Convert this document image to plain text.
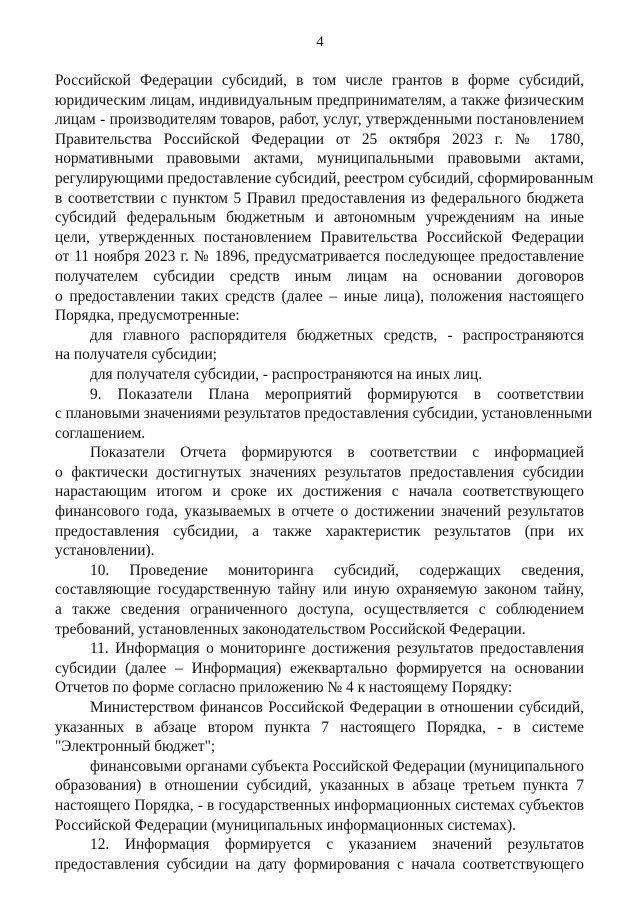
4
Российской Федерации субсидий, в том числе грантов в форме субсидий,
юридическим лицам, индивидуальным предпринимателям, а также физическим
лицам - производителям товаров, работ, услуг, утвержденными постановлением
Правительства Российской Федерации от 25 октября 2023 г. № 1780,
нормативными правовыми актами, муниципальными правовыми актами,
регулирующими предоставление субсидий, реестром субсидий, сформированным
в соответствии с пунктом 5 Правил предоставления из федерального бюджета
субсидий федеральным бюджетным и автономным учреждениям на иные
цели, утвержденных постановлением Правительства Российской Федерации
от 11 ноября 2023 г. № 1896, предусматривается последующее предоставление
получателем субсидии средств иным лицам на основании договоров
о предоставлении таких средств (далее – иные лица), положения настоящего
Порядка, предусмотренные:
для главного распорядителя бюджетных средств, - распространяются
на получателя субсидии;
для получателя субсидии, - распространяются на иных лиц.
9. Показатели Плана мероприятий формируются в соответствии
с плановыми значениями результатов предоставления субсидии, установленными
соглашением.
Показатели Отчета формируются в соответствии с информацией
о фактически достигнутых значениях результатов предоставления субсидии
нарастающим итогом и сроке их достижения с начала соответствующего
финансового года, указываемых в отчете о достижении значений результатов
предоставления субсидии, а также характеристик результатов (при их
установлении).
10. Проведение мониторинга субсидий, содержащих сведения,
составляющие государственную тайну или иную охраняемую законом тайну,
а также сведения ограниченного доступа, осуществляется с соблюдением
требований, установленных законодательством Российской Федерации.
11. Информация о мониторинге достижения результатов предоставления
субсидии (далее – Информация) ежеквартально формируется на основании
Отчетов по форме согласно приложению № 4 к настоящему Порядку:
Министерством финансов Российской Федерации в отношении субсидий,
указанных в абзаце втором пункта 7 настоящего Порядка, - в системе
"Электронный бюджет";
финансовыми органами субъекта Российской Федерации (муниципального
образования) в отношении субсидий, указанных в абзаце третьем пункта 7
настоящего Порядка, - в государственных информационных системах субъектов
Российской Федерации (муниципальных информационных системах).
12. Информация формируется с указанием значений результатов
предоставления субсидии на дату формирования с начала соответствующего
